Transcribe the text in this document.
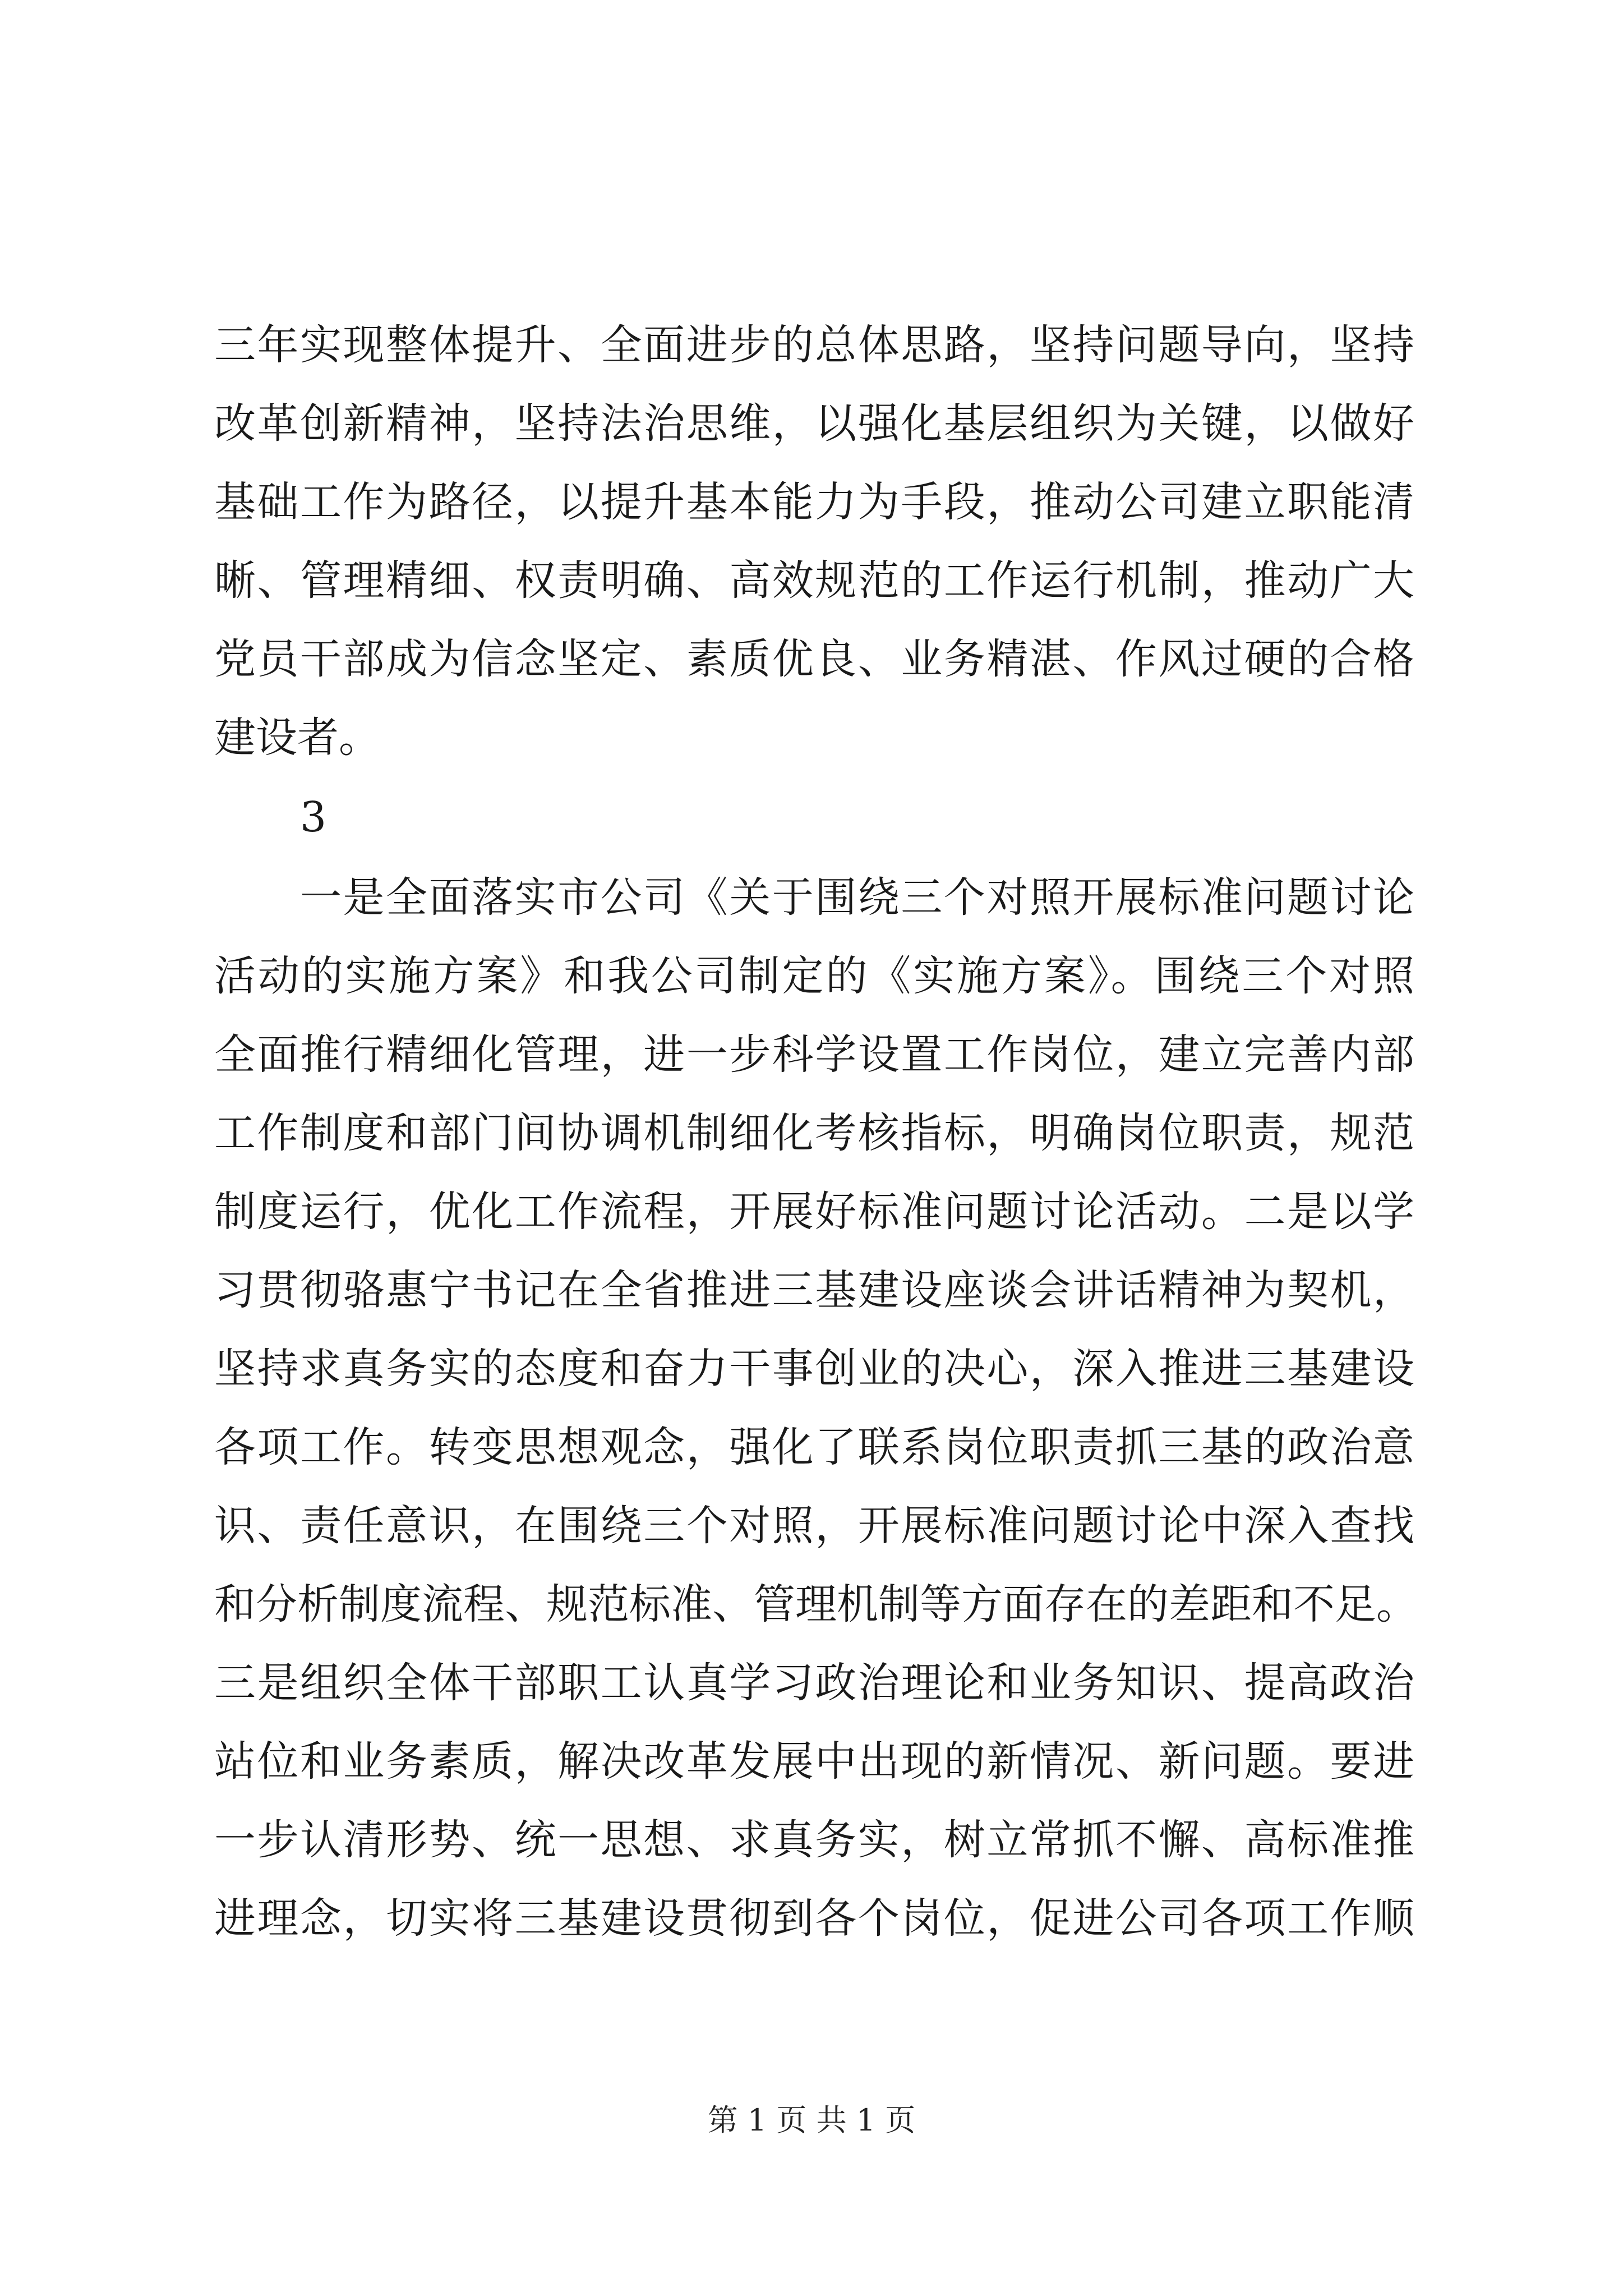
三年实现整体提升、全面进步的总体思路，坚持问题导向，坚持
改革创新精神，坚持法治思维，以强化基层组织为关键，以做好
基础工作为路径，以提升基本能力为手段，推动公司建立职能清
晰、管理精细、权责明确、高效规范的工作运行机制，推动广大
党员干部成为信念坚定、素质优良、业务精湛、作风过硬的合格
建设者。
3
一是全面落实市公司《关于围绕三个对照开展标准问题讨论
活动的实施方案》和我公司制定的《实施方案》。围绕三个对照
全面推行精细化管理，进一步科学设置工作岗位，建立完善内部
工作制度和部门间协调机制细化考核指标，明确岗位职责，规范
制度运行，优化工作流程，开展好标准问题讨论活动。二是以学
习贯彻骆惠宁书记在全省推进三基建设座谈会讲话精神为契机，
坚持求真务实的态度和奋力干事创业的决心，深入推进三基建设
各项工作。转变思想观念，强化了联系岗位职责抓三基的政治意
识、责任意识，在围绕三个对照，开展标准问题讨论中深入查找
和分析制度流程、规范标准、管理机制等方面存在的差距和不足。
三是组织全体干部职工认真学习政治理论和业务知识、提高政治
站位和业务素质，解决改革发展中出现的新情况、新问题。要进
一步认清形势、统一思想、求真务实，树立常抓不懈、高标准推
进理念，切实将三基建设贯彻到各个岗位，促进公司各项工作顺
第 1 页 共 1 页
